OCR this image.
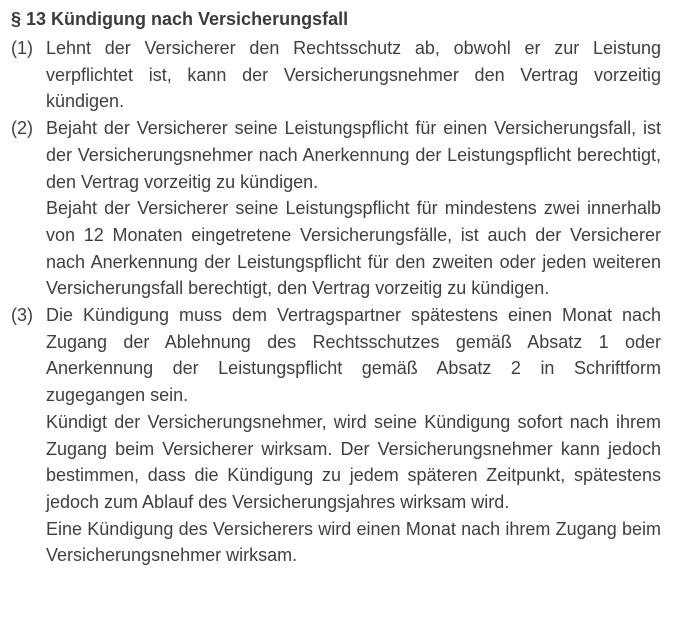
§ 13 Kündigung nach Versicherungsfall
(1) Lehnt der Versicherer den Rechtsschutz ab, obwohl er zur Leistung verpflichtet ist, kann der Versicherungsnehmer den Vertrag vorzeitig kündigen.

(2) Bejaht der Versicherer seine Leistungspflicht für einen Versicherungsfall, ist der Versicherungsnehmer nach Anerkennung der Leistungspflicht berechtigt, den Vertrag vorzeitig zu kündigen.

Bejaht der Versicherer seine Leistungspflicht für mindestens zwei innerhalb von 12 Monaten eingetretene Versicherungsfälle, ist auch der Versicherer nach Anerkennung der Leistungspflicht für den zweiten oder jeden weiteren Versicherungsfall berechtigt, den Vertrag vorzeitig zu kündigen.

(3) Die Kündigung muss dem Vertragspartner spätestens einen Monat nach Zugang der Ablehnung des Rechtsschutzes gemäß Absatz 1 oder Anerkennung der Leistungspflicht gemäß Absatz 2 in Schriftform zugegangen sein.

Kündigt der Versicherungsnehmer, wird seine Kündigung sofort nach ihrem Zugang beim Versicherer wirksam. Der Versicherungsnehmer kann jedoch bestimmen, dass die Kündigung zu jedem späteren Zeitpunkt, spätestens jedoch zum Ablauf des Versicherungsjahres wirksam wird.

Eine Kündigung des Versicherers wird einen Monat nach ihrem Zugang beim Versicherungsnehmer wirksam.
